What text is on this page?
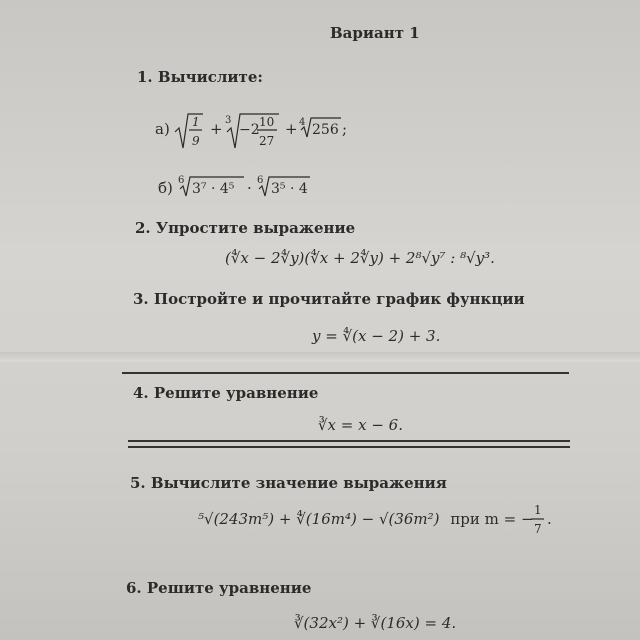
Вариант 1
1. Вычислите:
а) 1
9
+ 3
−2 10
27
+ 4 256 ;
б) 6
3⁷ · 4⁵ · 6
3⁵ · 4
2. Упростите выражение
(∜x − 2∜y)(∜x + 2∜y) + 2⁸√y⁷ : ⁸√y³.
3. Постройте и прочитайте график функции
y = ∜(x − 2) + 3.
4. Решите уравнение
∛x = x − 6.
5. Вычислите значение выражения
⁵√(243m⁵) + ∜(16m⁴) − √(36m²) при m = − 1
7
.
6. Решите уравнение
∛(32x²) + ∛(16x) = 4.
